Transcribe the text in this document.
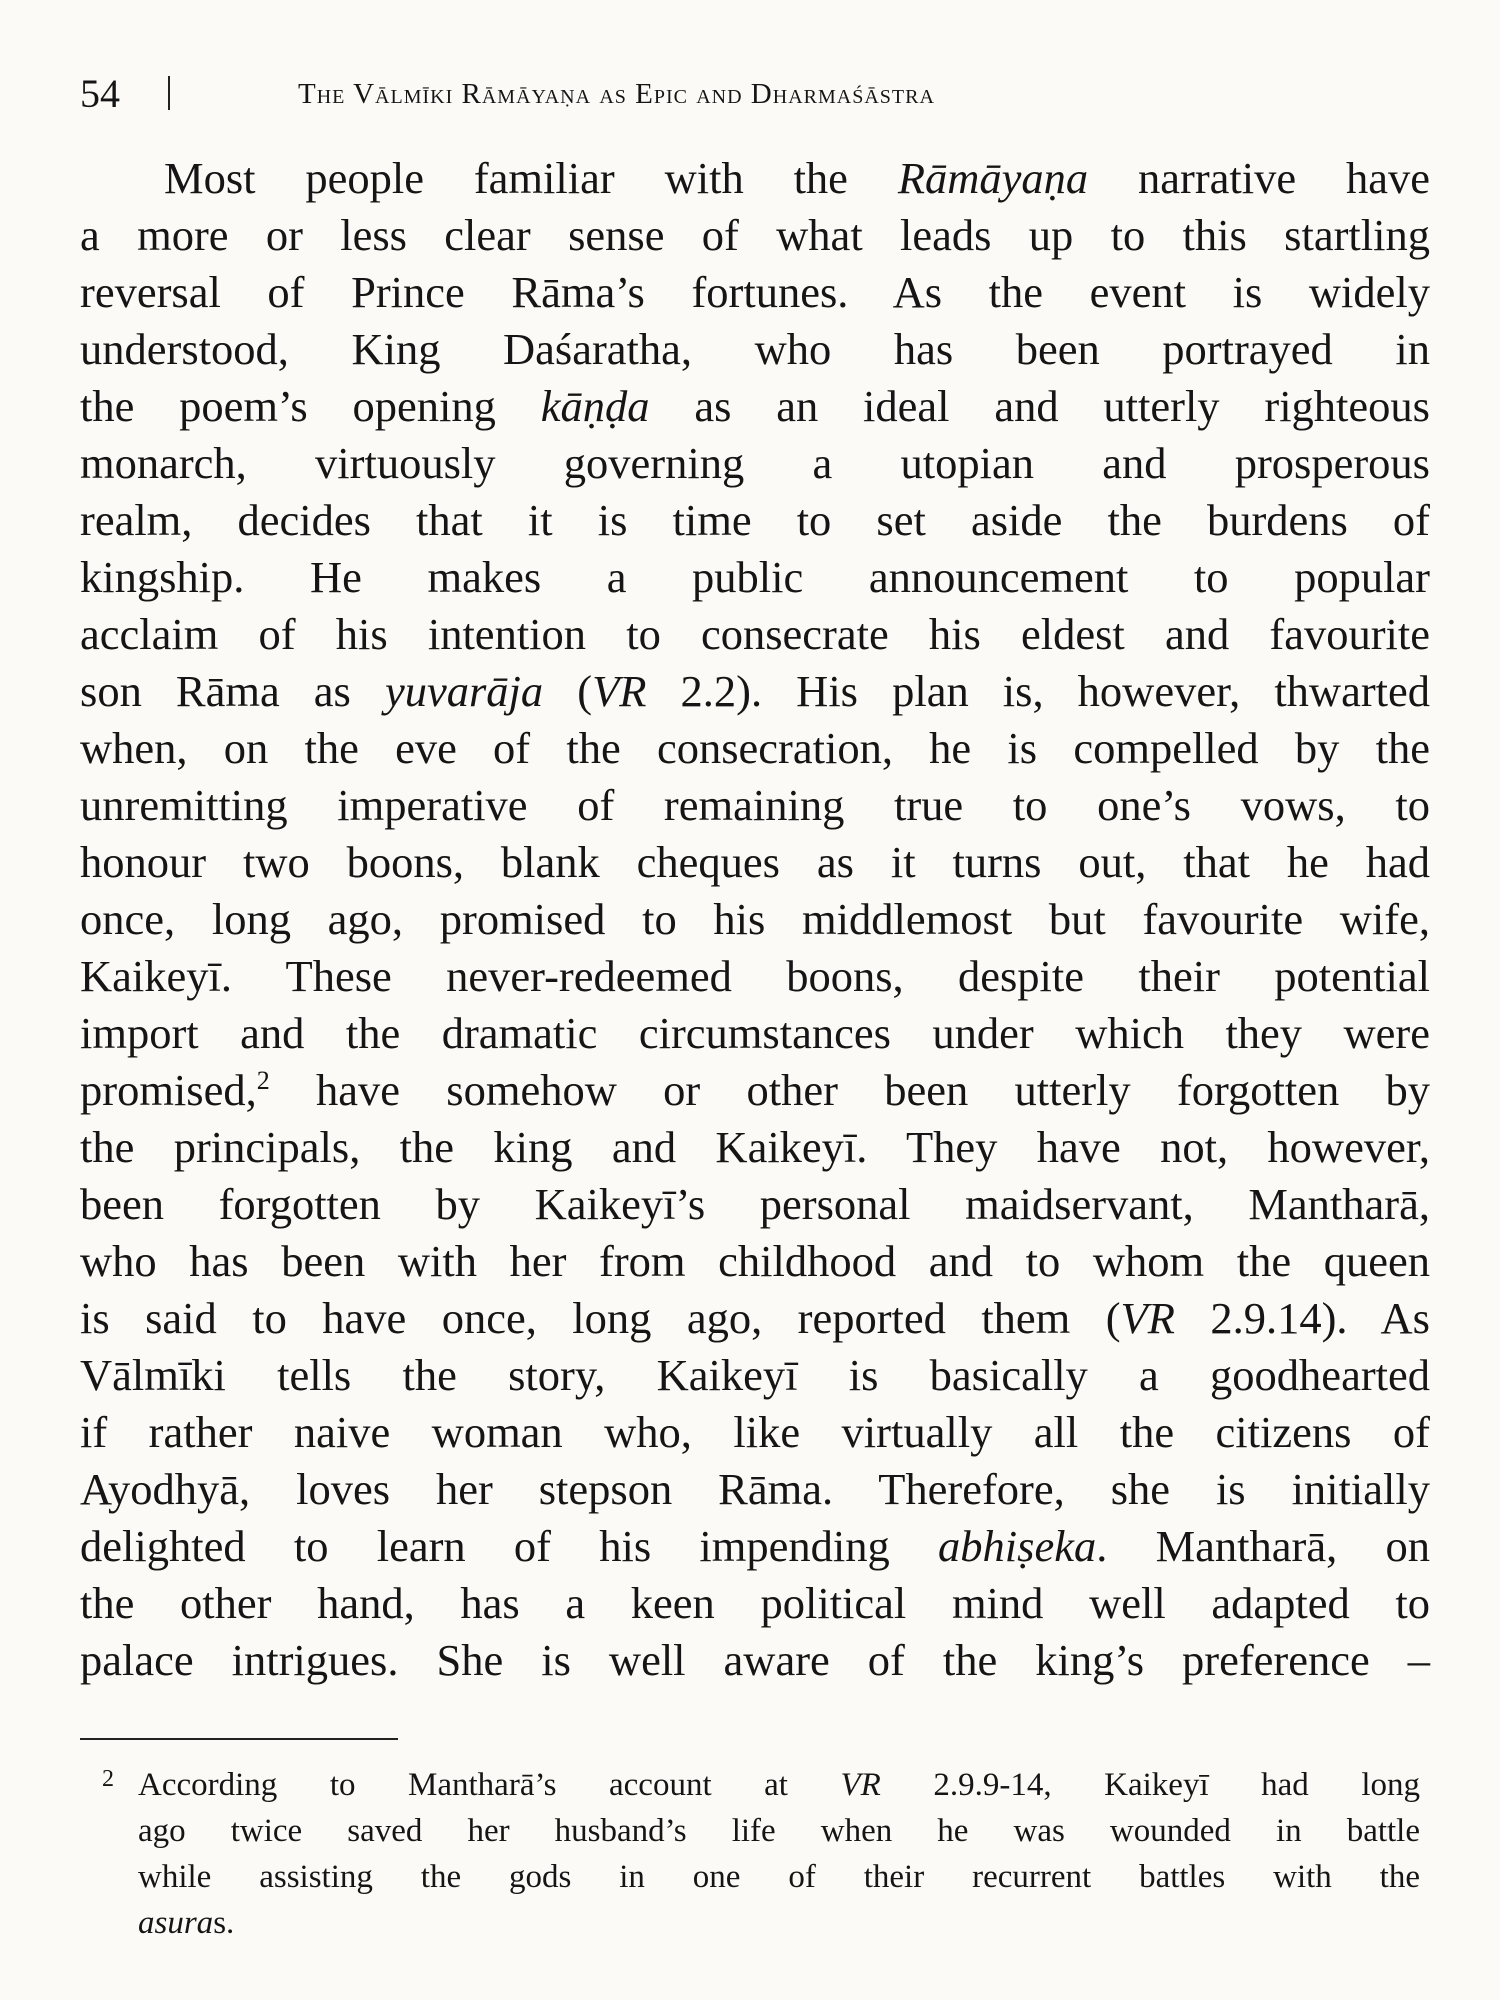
54	The Vālmīki Rāmāyaṇa as Epic and Dharmaśāstra
Most people familiar with the Rāmāyaṇa narrative have
a more or less clear sense of what leads up to this startling
reversal of Prince Rāma’s fortunes. As the event is widely
understood, King Daśaratha, who has been portrayed in
the poem’s opening kāṇḍa as an ideal and utterly righteous
monarch, virtuously governing a utopian and prosperous
realm, decides that it is time to set aside the burdens of
kingship. He makes a public announcement to popular
acclaim of his intention to consecrate his eldest and favourite
son Rāma as yuvarāja (VR 2.2). His plan is, however, thwarted
when, on the eve of the consecration, he is compelled by the
unremitting imperative of remaining true to one’s vows, to
honour two boons, blank cheques as it turns out, that he had
once, long ago, promised to his middlemost but favourite wife,
Kaikeyī. These never-redeemed boons, despite their potential
import and the dramatic circumstances under which they were
promised,$^2$ have somehow or other been utterly forgotten by
the principals, the king and Kaikeyī. They have not, however,
been forgotten by Kaikeyī’s personal maidservant, Mantharā,
who has been with her from childhood and to whom the queen
is said to have once, long ago, reported them (VR 2.9.14). As
Vālmīki tells the story, Kaikeyī is basically a goodhearted
if rather naive woman who, like virtually all the citizens of
Ayodhyā, loves her stepson Rāma. Therefore, she is initially
delighted to learn of his impending abhiṣeka. Mantharā, on
the other hand, has a keen political mind well adapted to
palace intrigues. She is well aware of the king’s preference –
2 According to Mantharā’s account at VR 2.9.9-14, Kaikeyī had long
ago twice saved her husband’s life when he was wounded in battle
while assisting the gods in one of their recurrent battles with the
asuras.
